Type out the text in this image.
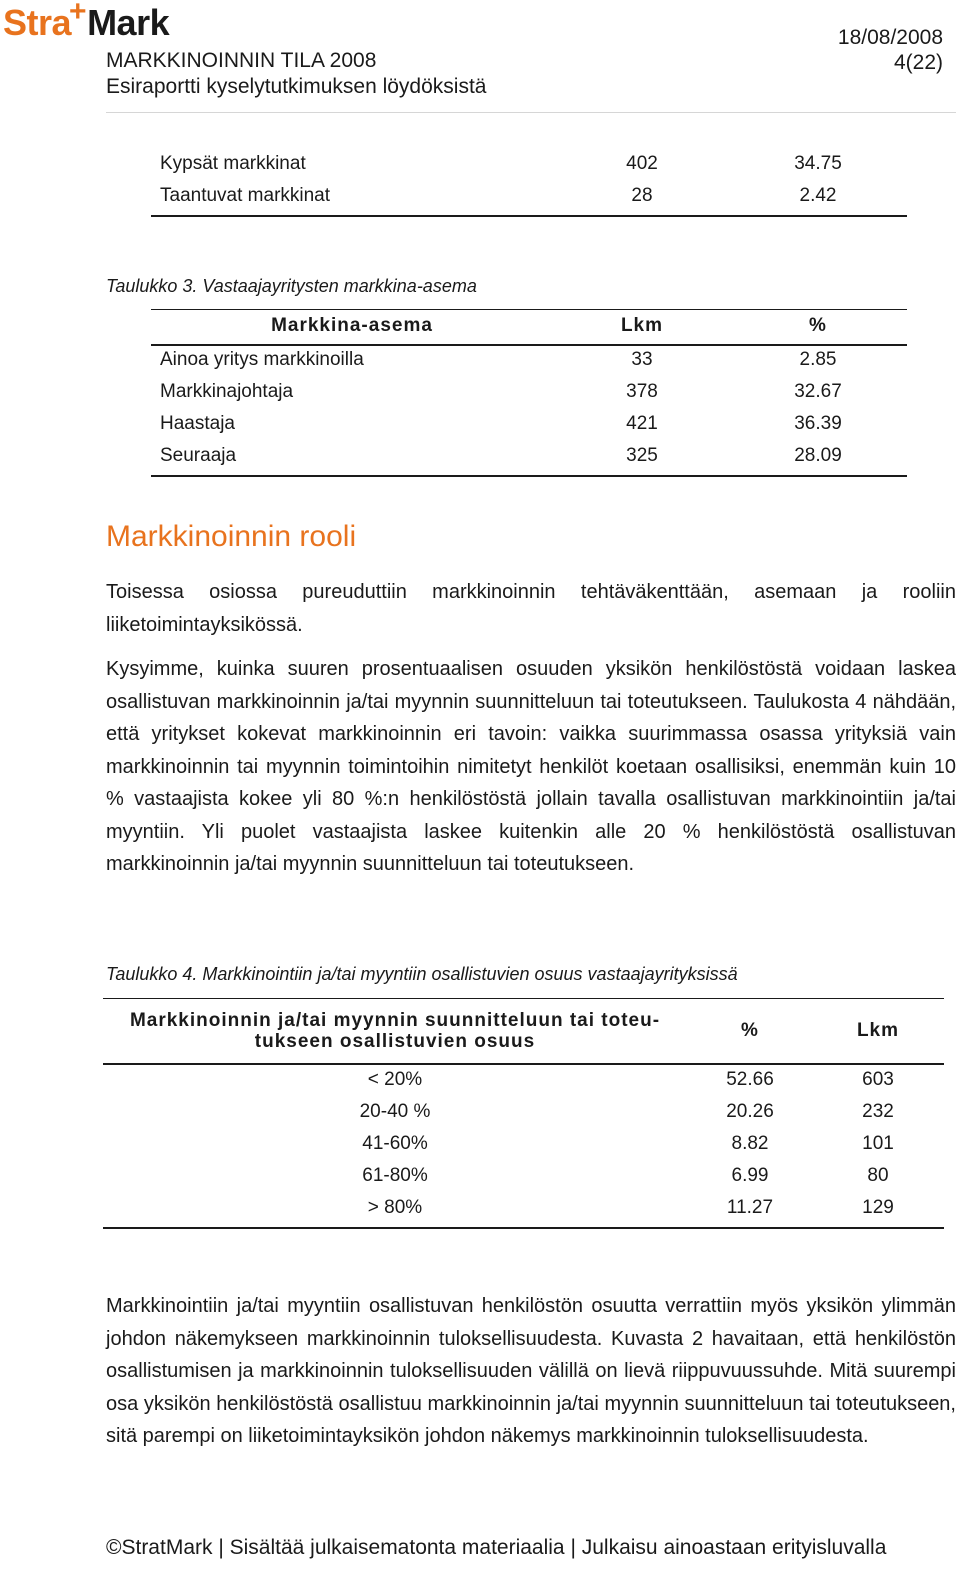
Stra+Mark
MARKKINOINNIN TILA 2008
Esiraportti kyselytutkimuksen löydöksistä
18/08/2008
4(22)
Kypsät markkinat	402	34.75
Taantuvat markkinat	28	2.42
Taulukko 3. Vastaajayritysten markkina-asema
Markkina-asema	Lkm	%
Ainoa yritys markkinoilla	33	2.85
Markkinajohtaja	378	32.67
Haastaja	421	36.39
Seuraaja	325	28.09
Markkinoinnin rooli
Toisessa osiossa pureuduttiin markkinoinnin tehtäväkenttään, asemaan ja rooliin liiketoimintayksikössä.
Kysyimme, kuinka suuren prosentuaalisen osuuden yksikön henkilöstöstä voidaan laskea osallistuvan markkinoinnin ja/tai myynnin suunnitteluun tai toteutukseen. Taulukosta 4 nähdään, että yritykset kokevat markkinoinnin eri tavoin: vaikka suurimmassa osassa yrityksiä vain markkinoinnin tai myynnin toimintoihin nimitetyt henkilöt koetaan osallisiksi, enemmän kuin 10 % vastaajista kokee yli 80 %:n henkilöstöstä jollain tavalla osallistuvan markkinointiin ja/tai myyntiin. Yli puolet vastaajista laskee kuitenkin alle 20 % henkilöstöstä osallistuvan markkinoinnin ja/tai myynnin suunnitteluun tai toteutukseen.
Taulukko 4. Markkinointiin ja/tai myyntiin osallistuvien osuus vastaajayrityksissä
Markkinoinnin ja/tai myynnin suunnitteluun tai toteu-
tukseen osallistuvien osuus
%	Lkm
< 20%	52.66	603
20-40 %	20.26	232
41-60%	8.82	101
61-80%	6.99	80
> 80%	11.27	129
Markkinointiin ja/tai myyntiin osallistuvan henkilöstön osuutta verrattiin myös yksikön ylimmän johdon näkemykseen markkinoinnin tuloksellisuudesta. Kuvasta 2 havaitaan, että henkilöstön osallistumisen ja markkinoinnin tuloksellisuuden välillä on lievä riippuvuussuhde. Mitä suurempi osa yksikön henkilöstöstä osallistuu markkinoinnin ja/tai myynnin suunnitteluun tai toteutukseen, sitä parempi on liiketoimintayksikön johdon näkemys markkinoinnin tuloksellisuudesta.
©StratMark | Sisältää julkaisematonta materiaalia | Julkaisu ainoastaan erityisluvalla
